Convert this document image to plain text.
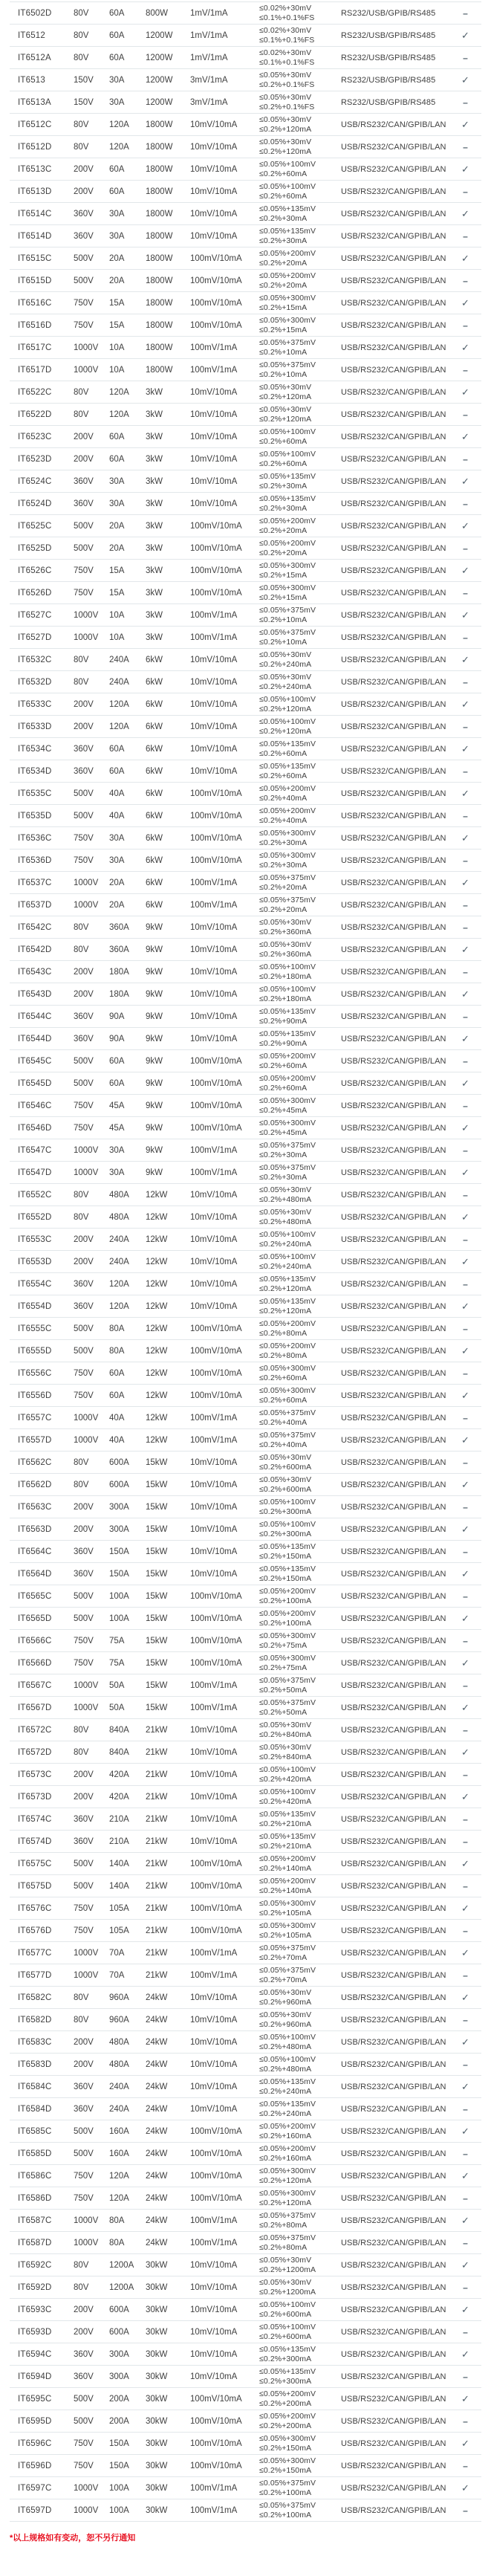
IT6502D	80V	60A	800W	1mV/1mA	≤0.02%+30mV
≤0.1%+0.1%FS	RS232/USB/GPIB/RS485	–
IT6512	80V	60A	1200W	1mV/1mA	≤0.02%+30mV
≤0.1%+0.1%FS	RS232/USB/GPIB/RS485	✓
IT6512A	80V	60A	1200W	1mV/1mA	≤0.02%+30mV
≤0.1%+0.1%FS	RS232/USB/GPIB/RS485	–
IT6513	150V	30A	1200W	3mV/1mA	≤0.05%+30mV
≤0.2%+0.1%FS	RS232/USB/GPIB/RS485	✓
IT6513A	150V	30A	1200W	3mV/1mA	≤0.05%+30mV
≤0.2%+0.1%FS	RS232/USB/GPIB/RS485	–
IT6512C	80V	120A	1800W	10mV/10mA	≤0.05%+30mV
≤0.2%+120mA	USB/RS232/CAN/GPIB/LAN	✓
IT6512D	80V	120A	1800W	10mV/10mA	≤0.05%+30mV
≤0.2%+120mA	USB/RS232/CAN/GPIB/LAN	–
IT6513C	200V	60A	1800W	10mV/10mA	≤0.05%+100mV
≤0.2%+60mA	USB/RS232/CAN/GPIB/LAN	✓
IT6513D	200V	60A	1800W	10mV/10mA	≤0.05%+100mV
≤0.2%+60mA	USB/RS232/CAN/GPIB/LAN	–
IT6514C	360V	30A	1800W	10mV/10mA	≤0.05%+135mV
≤0.2%+30mA	USB/RS232/CAN/GPIB/LAN	✓
IT6514D	360V	30A	1800W	10mV/10mA	≤0.05%+135mV
≤0.2%+30mA	USB/RS232/CAN/GPIB/LAN	–
IT6515C	500V	20A	1800W	100mV/10mA	≤0.05%+200mV
≤0.2%+20mA	USB/RS232/CAN/GPIB/LAN	✓
IT6515D	500V	20A	1800W	100mV/10mA	≤0.05%+200mV
≤0.2%+20mA	USB/RS232/CAN/GPIB/LAN	–
IT6516C	750V	15A	1800W	100mV/10mA	≤0.05%+300mV
≤0.2%+15mA	USB/RS232/CAN/GPIB/LAN	✓
IT6516D	750V	15A	1800W	100mV/10mA	≤0.05%+300mV
≤0.2%+15mA	USB/RS232/CAN/GPIB/LAN	–
IT6517C	1000V	10A	1800W	100mV/1mA	≤0.05%+375mV
≤0.2%+10mA	USB/RS232/CAN/GPIB/LAN	✓
IT6517D	1000V	10A	1800W	100mV/1mA	≤0.05%+375mV
≤0.2%+10mA	USB/RS232/CAN/GPIB/LAN	–
IT6522C	80V	120A	3kW	10mV/10mA	≤0.05%+30mV
≤0.2%+120mA	USB/RS232/CAN/GPIB/LAN	✓
IT6522D	80V	120A	3kW	10mV/10mA	≤0.05%+30mV
≤0.2%+120mA	USB/RS232/CAN/GPIB/LAN	–
IT6523C	200V	60A	3kW	10mV/10mA	≤0.05%+100mV
≤0.2%+60mA	USB/RS232/CAN/GPIB/LAN	✓
IT6523D	200V	60A	3kW	10mV/10mA	≤0.05%+100mV
≤0.2%+60mA	USB/RS232/CAN/GPIB/LAN	–
IT6524C	360V	30A	3kW	10mV/10mA	≤0.05%+135mV
≤0.2%+30mA	USB/RS232/CAN/GPIB/LAN	✓
IT6524D	360V	30A	3kW	10mV/10mA	≤0.05%+135mV
≤0.2%+30mA	USB/RS232/CAN/GPIB/LAN	–
IT6525C	500V	20A	3kW	100mV/10mA	≤0.05%+200mV
≤0.2%+20mA	USB/RS232/CAN/GPIB/LAN	✓
IT6525D	500V	20A	3kW	100mV/10mA	≤0.05%+200mV
≤0.2%+20mA	USB/RS232/CAN/GPIB/LAN	–
IT6526C	750V	15A	3kW	100mV/10mA	≤0.05%+300mV
≤0.2%+15mA	USB/RS232/CAN/GPIB/LAN	✓
IT6526D	750V	15A	3kW	100mV/10mA	≤0.05%+300mV
≤0.2%+15mA	USB/RS232/CAN/GPIB/LAN	–
IT6527C	1000V	10A	3kW	100mV/1mA	≤0.05%+375mV
≤0.2%+10mA	USB/RS232/CAN/GPIB/LAN	✓
IT6527D	1000V	10A	3kW	100mV/1mA	≤0.05%+375mV
≤0.2%+10mA	USB/RS232/CAN/GPIB/LAN	–
IT6532C	80V	240A	6kW	10mV/10mA	≤0.05%+30mV
≤0.2%+240mA	USB/RS232/CAN/GPIB/LAN	✓
IT6532D	80V	240A	6kW	10mV/10mA	≤0.05%+30mV
≤0.2%+240mA	USB/RS232/CAN/GPIB/LAN	–
IT6533C	200V	120A	6kW	10mV/10mA	≤0.05%+100mV
≤0.2%+120mA	USB/RS232/CAN/GPIB/LAN	✓
IT6533D	200V	120A	6kW	10mV/10mA	≤0.05%+100mV
≤0.2%+120mA	USB/RS232/CAN/GPIB/LAN	–
IT6534C	360V	60A	6kW	10mV/10mA	≤0.05%+135mV
≤0.2%+60mA	USB/RS232/CAN/GPIB/LAN	✓
IT6534D	360V	60A	6kW	10mV/10mA	≤0.05%+135mV
≤0.2%+60mA	USB/RS232/CAN/GPIB/LAN	–
IT6535C	500V	40A	6kW	100mV/10mA	≤0.05%+200mV
≤0.2%+40mA	USB/RS232/CAN/GPIB/LAN	✓
IT6535D	500V	40A	6kW	100mV/10mA	≤0.05%+200mV
≤0.2%+40mA	USB/RS232/CAN/GPIB/LAN	–
IT6536C	750V	30A	6kW	100mV/10mA	≤0.05%+300mV
≤0.2%+30mA	USB/RS232/CAN/GPIB/LAN	✓
IT6536D	750V	30A	6kW	100mV/10mA	≤0.05%+300mV
≤0.2%+30mA	USB/RS232/CAN/GPIB/LAN	–
IT6537C	1000V	20A	6kW	100mV/1mA	≤0.05%+375mV
≤0.2%+20mA	USB/RS232/CAN/GPIB/LAN	✓
IT6537D	1000V	20A	6kW	100mV/1mA	≤0.05%+375mV
≤0.2%+20mA	USB/RS232/CAN/GPIB/LAN	–
IT6542C	80V	360A	9kW	10mV/10mA	≤0.05%+30mV
≤0.2%+360mA	USB/RS232/CAN/GPIB/LAN	–
IT6542D	80V	360A	9kW	10mV/10mA	≤0.05%+30mV
≤0.2%+360mA	USB/RS232/CAN/GPIB/LAN	✓
IT6543C	200V	180A	9kW	10mV/10mA	≤0.05%+100mV
≤0.2%+180mA	USB/RS232/CAN/GPIB/LAN	–
IT6543D	200V	180A	9kW	10mV/10mA	≤0.05%+100mV
≤0.2%+180mA	USB/RS232/CAN/GPIB/LAN	✓
IT6544C	360V	90A	9kW	10mV/10mA	≤0.05%+135mV
≤0.2%+90mA	USB/RS232/CAN/GPIB/LAN	–
IT6544D	360V	90A	9kW	10mV/10mA	≤0.05%+135mV
≤0.2%+90mA	USB/RS232/CAN/GPIB/LAN	✓
IT6545C	500V	60A	9kW	100mV/10mA	≤0.05%+200mV
≤0.2%+60mA	USB/RS232/CAN/GPIB/LAN	–
IT6545D	500V	60A	9kW	100mV/10mA	≤0.05%+200mV
≤0.2%+60mA	USB/RS232/CAN/GPIB/LAN	✓
IT6546C	750V	45A	9kW	100mV/10mA	≤0.05%+300mV
≤0.2%+45mA	USB/RS232/CAN/GPIB/LAN	–
IT6546D	750V	45A	9kW	100mV/10mA	≤0.05%+300mV
≤0.2%+45mA	USB/RS232/CAN/GPIB/LAN	✓
IT6547C	1000V	30A	9kW	100mV/1mA	≤0.05%+375mV
≤0.2%+30mA	USB/RS232/CAN/GPIB/LAN	–
IT6547D	1000V	30A	9kW	100mV/1mA	≤0.05%+375mV
≤0.2%+30mA	USB/RS232/CAN/GPIB/LAN	✓
IT6552C	80V	480A	12kW	10mV/10mA	≤0.05%+30mV
≤0.2%+480mA	USB/RS232/CAN/GPIB/LAN	–
IT6552D	80V	480A	12kW	10mV/10mA	≤0.05%+30mV
≤0.2%+480mA	USB/RS232/CAN/GPIB/LAN	✓
IT6553C	200V	240A	12kW	10mV/10mA	≤0.05%+100mV
≤0.2%+240mA	USB/RS232/CAN/GPIB/LAN	–
IT6553D	200V	240A	12kW	10mV/10mA	≤0.05%+100mV
≤0.2%+240mA	USB/RS232/CAN/GPIB/LAN	✓
IT6554C	360V	120A	12kW	10mV/10mA	≤0.05%+135mV
≤0.2%+120mA	USB/RS232/CAN/GPIB/LAN	–
IT6554D	360V	120A	12kW	10mV/10mA	≤0.05%+135mV
≤0.2%+120mA	USB/RS232/CAN/GPIB/LAN	✓
IT6555C	500V	80A	12kW	100mV/10mA	≤0.05%+200mV
≤0.2%+80mA	USB/RS232/CAN/GPIB/LAN	–
IT6555D	500V	80A	12kW	100mV/10mA	≤0.05%+200mV
≤0.2%+80mA	USB/RS232/CAN/GPIB/LAN	✓
IT6556C	750V	60A	12kW	100mV/10mA	≤0.05%+300mV
≤0.2%+60mA	USB/RS232/CAN/GPIB/LAN	–
IT6556D	750V	60A	12kW	100mV/10mA	≤0.05%+300mV
≤0.2%+60mA	USB/RS232/CAN/GPIB/LAN	✓
IT6557C	1000V	40A	12kW	100mV/1mA	≤0.05%+375mV
≤0.2%+40mA	USB/RS232/CAN/GPIB/LAN	–
IT6557D	1000V	40A	12kW	100mV/1mA	≤0.05%+375mV
≤0.2%+40mA	USB/RS232/CAN/GPIB/LAN	✓
IT6562C	80V	600A	15kW	10mV/10mA	≤0.05%+30mV
≤0.2%+600mA	USB/RS232/CAN/GPIB/LAN	–
IT6562D	80V	600A	15kW	10mV/10mA	≤0.05%+30mV
≤0.2%+600mA	USB/RS232/CAN/GPIB/LAN	✓
IT6563C	200V	300A	15kW	10mV/10mA	≤0.05%+100mV
≤0.2%+300mA	USB/RS232/CAN/GPIB/LAN	–
IT6563D	200V	300A	15kW	10mV/10mA	≤0.05%+100mV
≤0.2%+300mA	USB/RS232/CAN/GPIB/LAN	✓
IT6564C	360V	150A	15kW	10mV/10mA	≤0.05%+135mV
≤0.2%+150mA	USB/RS232/CAN/GPIB/LAN	–
IT6564D	360V	150A	15kW	10mV/10mA	≤0.05%+135mV
≤0.2%+150mA	USB/RS232/CAN/GPIB/LAN	✓
IT6565C	500V	100A	15kW	100mV/10mA	≤0.05%+200mV
≤0.2%+100mA	USB/RS232/CAN/GPIB/LAN	–
IT6565D	500V	100A	15kW	100mV/10mA	≤0.05%+200mV
≤0.2%+100mA	USB/RS232/CAN/GPIB/LAN	✓
IT6566C	750V	75A	15kW	100mV/10mA	≤0.05%+300mV
≤0.2%+75mA	USB/RS232/CAN/GPIB/LAN	–
IT6566D	750V	75A	15kW	100mV/10mA	≤0.05%+300mV
≤0.2%+75mA	USB/RS232/CAN/GPIB/LAN	✓
IT6567C	1000V	50A	15kW	100mV/1mA	≤0.05%+375mV
≤0.2%+50mA	USB/RS232/CAN/GPIB/LAN	–
IT6567D	1000V	50A	15kW	100mV/1mA	≤0.05%+375mV
≤0.2%+50mA	USB/RS232/CAN/GPIB/LAN	✓
IT6572C	80V	840A	21kW	10mV/10mA	≤0.05%+30mV
≤0.2%+840mA	USB/RS232/CAN/GPIB/LAN	–
IT6572D	80V	840A	21kW	10mV/10mA	≤0.05%+30mV
≤0.2%+840mA	USB/RS232/CAN/GPIB/LAN	✓
IT6573C	200V	420A	21kW	10mV/10mA	≤0.05%+100mV
≤0.2%+420mA	USB/RS232/CAN/GPIB/LAN	–
IT6573D	200V	420A	21kW	10mV/10mA	≤0.05%+100mV
≤0.2%+420mA	USB/RS232/CAN/GPIB/LAN	✓
IT6574C	360V	210A	21kW	10mV/10mA	≤0.05%+135mV
≤0.2%+210mA	USB/RS232/CAN/GPIB/LAN	–
IT6574D	360V	210A	21kW	10mV/10mA	≤0.05%+135mV
≤0.2%+210mA	USB/RS232/CAN/GPIB/LAN	–
IT6575C	500V	140A	21kW	100mV/10mA	≤0.05%+200mV
≤0.2%+140mA	USB/RS232/CAN/GPIB/LAN	✓
IT6575D	500V	140A	21kW	100mV/10mA	≤0.05%+200mV
≤0.2%+140mA	USB/RS232/CAN/GPIB/LAN	–
IT6576C	750V	105A	21kW	100mV/10mA	≤0.05%+300mV
≤0.2%+105mA	USB/RS232/CAN/GPIB/LAN	✓
IT6576D	750V	105A	21kW	100mV/10mA	≤0.05%+300mV
≤0.2%+105mA	USB/RS232/CAN/GPIB/LAN	–
IT6577C	1000V	70A	21kW	100mV/1mA	≤0.05%+375mV
≤0.2%+70mA	USB/RS232/CAN/GPIB/LAN	✓
IT6577D	1000V	70A	21kW	100mV/1mA	≤0.05%+375mV
≤0.2%+70mA	USB/RS232/CAN/GPIB/LAN	–
IT6582C	80V	960A	24kW	10mV/10mA	≤0.05%+30mV
≤0.2%+960mA	USB/RS232/CAN/GPIB/LAN	✓
IT6582D	80V	960A	24kW	10mV/10mA	≤0.05%+30mV
≤0.2%+960mA	USB/RS232/CAN/GPIB/LAN	–
IT6583C	200V	480A	24kW	10mV/10mA	≤0.05%+100mV
≤0.2%+480mA	USB/RS232/CAN/GPIB/LAN	✓
IT6583D	200V	480A	24kW	10mV/10mA	≤0.05%+100mV
≤0.2%+480mA	USB/RS232/CAN/GPIB/LAN	–
IT6584C	360V	240A	24kW	10mV/10mA	≤0.05%+135mV
≤0.2%+240mA	USB/RS232/CAN/GPIB/LAN	✓
IT6584D	360V	240A	24kW	10mV/10mA	≤0.05%+135mV
≤0.2%+240mA	USB/RS232/CAN/GPIB/LAN	–
IT6585C	500V	160A	24kW	100mV/10mA	≤0.05%+200mV
≤0.2%+160mA	USB/RS232/CAN/GPIB/LAN	✓
IT6585D	500V	160A	24kW	100mV/10mA	≤0.05%+200mV
≤0.2%+160mA	USB/RS232/CAN/GPIB/LAN	–
IT6586C	750V	120A	24kW	100mV/10mA	≤0.05%+300mV
≤0.2%+120mA	USB/RS232/CAN/GPIB/LAN	✓
IT6586D	750V	120A	24kW	100mV/10mA	≤0.05%+300mV
≤0.2%+120mA	USB/RS232/CAN/GPIB/LAN	–
IT6587C	1000V	80A	24kW	100mV/1mA	≤0.05%+375mV
≤0.2%+80mA	USB/RS232/CAN/GPIB/LAN	✓
IT6587D	1000V	80A	24kW	100mV/1mA	≤0.05%+375mV
≤0.2%+80mA	USB/RS232/CAN/GPIB/LAN	–
IT6592C	80V	1200A	30kW	10mV/10mA	≤0.05%+30mV
≤0.2%+1200mA	USB/RS232/CAN/GPIB/LAN	✓
IT6592D	80V	1200A	30kW	10mV/10mA	≤0.05%+30mV
≤0.2%+1200mA	USB/RS232/CAN/GPIB/LAN	–
IT6593C	200V	600A	30kW	10mV/10mA	≤0.05%+100mV
≤0.2%+600mA	USB/RS232/CAN/GPIB/LAN	✓
IT6593D	200V	600A	30kW	10mV/10mA	≤0.05%+100mV
≤0.2%+600mA	USB/RS232/CAN/GPIB/LAN	–
IT6594C	360V	300A	30kW	10mV/10mA	≤0.05%+135mV
≤0.2%+300mA	USB/RS232/CAN/GPIB/LAN	✓
IT6594D	360V	300A	30kW	10mV/10mA	≤0.05%+135mV
≤0.2%+300mA	USB/RS232/CAN/GPIB/LAN	–
IT6595C	500V	200A	30kW	100mV/10mA	≤0.05%+200mV
≤0.2%+200mA	USB/RS232/CAN/GPIB/LAN	✓
IT6595D	500V	200A	30kW	100mV/10mA	≤0.05%+200mV
≤0.2%+200mA	USB/RS232/CAN/GPIB/LAN	–
IT6596C	750V	150A	30kW	100mV/10mA	≤0.05%+300mV
≤0.2%+150mA	USB/RS232/CAN/GPIB/LAN	✓
IT6596D	750V	150A	30kW	100mV/10mA	≤0.05%+300mV
≤0.2%+150mA	USB/RS232/CAN/GPIB/LAN	–
IT6597C	1000V	100A	30kW	100mV/1mA	≤0.05%+375mV
≤0.2%+100mA	USB/RS232/CAN/GPIB/LAN	✓
IT6597D	1000V	100A	30kW	100mV/1mA	≤0.05%+375mV
≤0.2%+100mA	USB/RS232/CAN/GPIB/LAN	–
*以上规格如有变动，恕不另行通知
